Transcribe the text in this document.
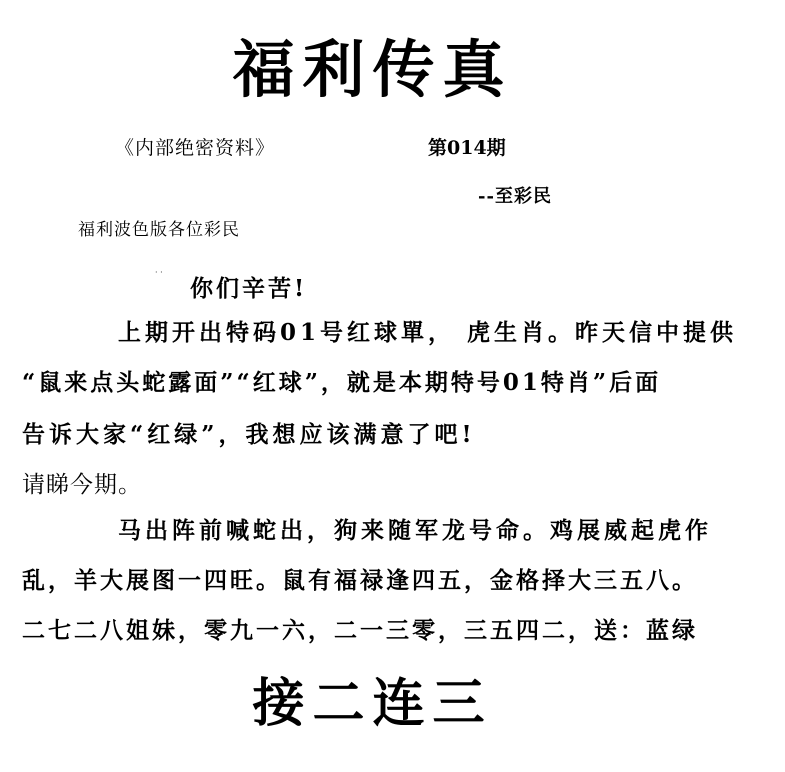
福利传真
《内部绝密资料》	第014期
--至彩民
福利波色版各位彩民
· ·
你们辛苦!
上期开出特码01号红球單， 虎生肖。昨天信中提供
“鼠来点头蛇露面”“红球”，就是本期特号01特肖”后面
告诉大家“红绿”，我想应该满意了吧!
请睇今期。
马出阵前喊蛇出，狗来随军龙号命。鸡展威起虎作
乱，羊大展图一四旺。鼠有福禄逢四五，金格择大三五八。
二七二八姐妹，零九一六，二一三零，三五四二，送：蓝绿
接二连三
